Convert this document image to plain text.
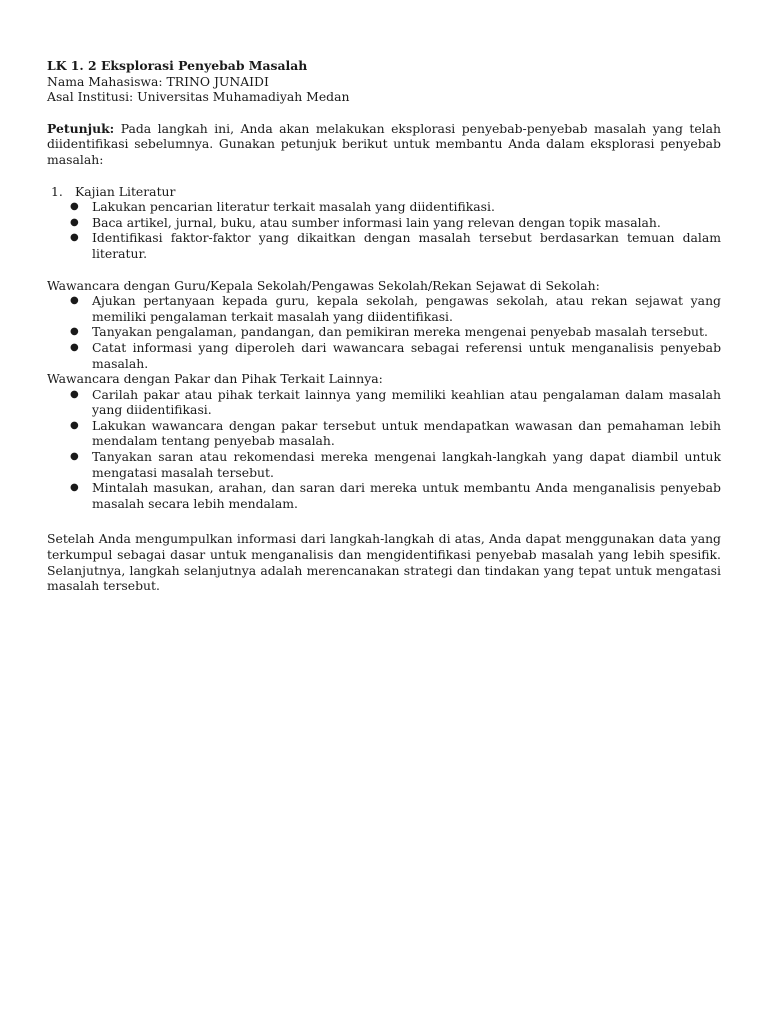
LK 1. 2 Eksplorasi Penyebab Masalah
Nama Mahasiswa: TRINO JUNAIDI
Asal Institusi: Universitas Muhamadiyah Medan

Petunjuk: Pada langkah ini, Anda akan melakukan eksplorasi penyebab-penyebab masalah yang telah diidentifikasi sebelumnya. Gunakan petunjuk berikut untuk membantu Anda dalam eksplorasi penyebab masalah:

1. Kajian Literatur
●	Lakukan pencarian literatur terkait masalah yang diidentifikasi.
●	Baca artikel, jurnal, buku, atau sumber informasi lain yang relevan dengan topik masalah.
●	Identifikasi faktor-faktor yang dikaitkan dengan masalah tersebut berdasarkan temuan dalam literatur.
Wawancara dengan Guru/Kepala Sekolah/Pengawas Sekolah/Rekan Sejawat di Sekolah:
●	Ajukan pertanyaan kepada guru, kepala sekolah, pengawas sekolah, atau rekan sejawat yang memiliki pengalaman terkait masalah yang diidentifikasi.
●	Tanyakan pengalaman, pandangan, dan pemikiran mereka mengenai penyebab masalah tersebut.
●	Catat informasi yang diperoleh dari wawancara sebagai referensi untuk menganalisis penyebab masalah.
Wawancara dengan Pakar dan Pihak Terkait Lainnya:
●	Carilah pakar atau pihak terkait lainnya yang memiliki keahlian atau pengalaman dalam masalah yang diidentifikasi.
●	Lakukan wawancara dengan pakar tersebut untuk mendapatkan wawasan dan pemahaman lebih mendalam tentang penyebab masalah.
●	Tanyakan saran atau rekomendasi mereka mengenai langkah-langkah yang dapat diambil untuk mengatasi masalah tersebut.
●	Mintalah masukan, arahan, dan saran dari mereka untuk membantu Anda menganalisis penyebab masalah secara lebih mendalam.

Setelah Anda mengumpulkan informasi dari langkah-langkah di atas, Anda dapat menggunakan data yang terkumpul sebagai dasar untuk menganalisis dan mengidentifikasi penyebab masalah yang lebih spesifik. Selanjutnya, langkah selanjutnya adalah merencanakan strategi dan tindakan yang tepat untuk mengatasi masalah tersebut.
